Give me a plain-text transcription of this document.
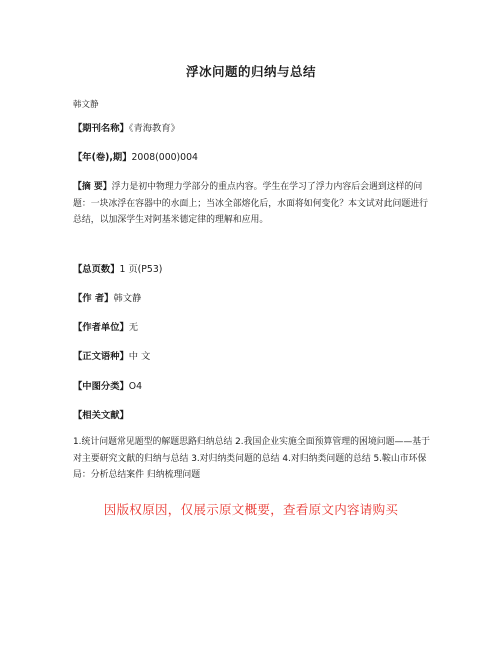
浮冰问题的归纳与总结
韩文静
【期刊名称】《青海教育》
【年(卷),期】2008(000)004
【摘 要】浮力是初中物理力学部分的重点内容。学生在学习了浮力内容后会遇到这样的问题：一块冰浮在容器中的水面上；当冰全部熔化后，水面将如何变化？本文试对此问题进行总结，以加深学生对阿基米德定律的理解和应用。
【总页数】1 页(P53)
【作 者】韩文静
【作者单位】无
【正文语种】中 文
【中图分类】O4
【相关文献】
1.统计问题常见题型的解题思路归纳总结 2.我国企业实施全面预算管理的困境问题——基于对主要研究文献的归纳与总结 3.对归纳类问题的总结 4.对归纳类问题的总结 5.鞍山市环保局：分析总结案件 归纳梳理问题
因版权原因，仅展示原文概要，查看原文内容请购买
